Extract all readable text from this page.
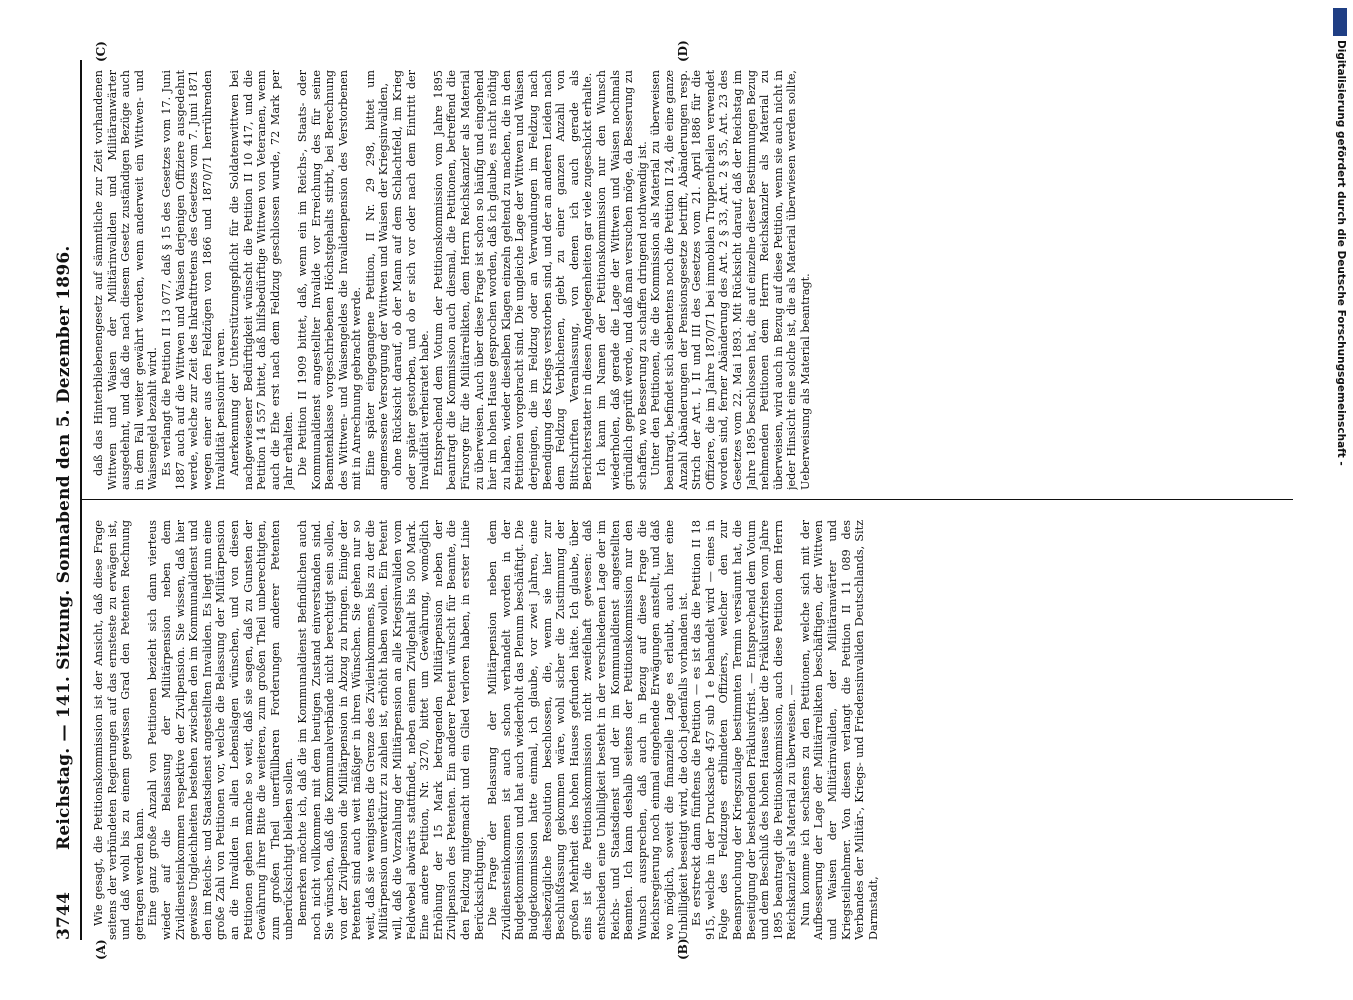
3744
Reichstag. — 141. Sitzung. Sonnabend den 5. Dezember 1896.
(A)	(B)
(C)	(D)

Wie gesagt, die Petitionskommission ist der Ansicht, daß diese Frage seitens der verbündeten Regierungen auf das ernsteste zu erwägen ist, und daß wohl bis zu einem gewissen Grad den Petenten Rechnung getragen werden kann. Eine ganz große Anzahl von Petitionen bezieht sich dann vierteus wieder auf die Belassung der Militärpension neben dem Zivildiensteinkommen respektive der Zivilpension. Sie wissen, daß hier gewisse Ungleichheiten bestehen zwischen den im Kommunaldienst und den im Reichs- und Staatsdienst angestellten Invaliden. Es liegt nun eine große Zahl von Petitionen vor, welche die Belassung der Militärpension an die Invaliden in allen Lebenslagen wünschen, und von diesen Petitionen gehen manche so weit, daß sie sagen, daß zu Gunsten der Gewährung ihrer Bitte die weiteren, zum großen Theil unberechtigten, zum großen Theil unerfüllbaren Forderungen anderer Petenten unberücksichtigt bleiben sollen. Bemerken möchte ich, daß die im Kommunaldienst Befindlichen auch noch nicht vollkommen mit dem heutigen Zustand einverstanden sind. Sie wünschen, daß die Kommunalverbände nicht berechtigt sein sollen, von der Zivilpension die Militärpension in Abzug zu bringen. Einige der Petenten sind auch weit mäßiger in ihren Wünschen. Sie gehen nur so weit, daß sie wenigstens die Grenze des Zivileinkommens, bis zu der die Militärpension unverkürzt zu zahlen ist, erhöht haben wollen. Ein Petent will, daß die Vorzahlung der Militärpension an alle Kriegsinvaliden vom Feldwebel abwärts stattfindet, neben einem Zivilgehalt bis 500 Mark. Eine andere Petition, Nr. 3270, bittet um Gewährung, womöglich Erhöhung der 15 Mark betragenden Militärpension neben der Zivilpension des Petenten. Ein anderer Petent wünscht für Beamte, die den Feldzug mitgemacht und ein Glied verloren haben, in erster Linie Berücksichtigung. Die Frage der Belassung der Militärpension neben dem Zivildiensteinkommen ist auch schon verhandelt worden in der Budgetkommission und hat auch wiederholt das Plenum beschäftigt. Die Budgetkommission hatte einmal, ich glaube, vor zwei Jahren, eine diesbezügliche Resolution beschlossen, die, wenn sie hier zur Beschlußfassung gekommen wäre, wohl sicher die Zustimmung der großen Mehrheit des hohen Hauses gefunden hätte. Ich glaube, über eins ist die Petitionskommission nicht zweifelhaft gewesen: daß entschieden eine Unbilligkeit besteht in der verschiedenen Lage der im Reichs- und Staatsdienst und der im Kommunaldienst angestellten Beamten. Ich kann deshalb seitens der Petitionskommission nur den Wunsch aussprechen, daß auch in Bezug auf diese Frage die Reichsregierung noch einmal eingehende Erwägungen anstellt, und daß wo möglich, soweit die finanzielle Lage es erlaubt, auch hier eine Unbilligkeit beseitigt wird, die doch jedenfalls vorhanden ist. Es erstreckt dann fünftens die Petition — es ist das die Petition II 18 915, welche in der Drucksache 457 sub 1 e behandelt wird — eines in Folge des Feldzuges erblindeten Offiziers, welcher den zur Beanspruchung der Kriegszulage bestimmten Termin versäumt hat, die Beseitigung der bestehenden Präklusivfrist. — Entsprechend dem Votum und dem Beschluß des hohen Hauses über die Präklusivfristen vom Jahre 1895 beantragt die Petitionskommission, auch diese Petition dem Herrn Reichskanzler als Material zu überweisen. — Nun komme ich sechstens zu den Petitionen, welche sich mit der Aufbesserung der Lage der Militärrelikten beschäftigen, der Wittwen und Waisen der Militärinvaliden, der Militäranwärter und Kriegsteilnehmer. Von diesen verlangt die Petition II 11 089 des Verbandes der Militär-, Kriegs- und Friedensinvaliden Deutschlands, Sitz Darmstadt,

daß das Hinterbliebenengesetz auf sämmtliche zur Zeit vorhandenen Wittwen und Waisen der Militärinvaliden und Militäranwärter ausgedehnt, und daß die nach diesem Gesetz zuständigen Bezüge auch in dem Fall weiter gewährt werden, wenn anderweit ein Wittwen- und Waisengeld bezahlt wird. Es verlangt die Petition II 13 077, daß § 15 des Gesetzes vom 17. Juni 1887 auch auf die Wittwen und Waisen derjenigen Offiziere ausgedehnt werde, welche zur Zeit des Inkrafttretens des Gesetzes vom 7. Juni 1871 wegen einer aus den Feldzügen von 1866 und 1870/71 herrührenden Invalidität pensionirt waren. Anerkennung der Unterstützungspflicht für die Soldatenwittwen bei nachgewiesener Bedürftigkeit wünscht die Petition II 10 417, und die Petition 14 557 bittet, daß hilfsbedürftige Wittwen von Veteranen, wenn auch die Ehe erst nach dem Feldzug geschlossen wurde, 72 Mark per Jahr erhalten. Die Petition II 1909 bittet, daß, wenn ein im Reichs-, Staats- oder Kommunaldienst angestellter Invalide vor Erreichung des für seine Beamtenklasse vorgeschriebenen Höchstgehalts stirbt, bei Berechnung des Wittwen- und Waisengeldes die Invalidenpension des Verstorbenen mit in Anrechnung gebracht werde. Eine später eingegangene Petition, II Nr. 29 298, bittet um angemessene Versorgung der Wittwen und Waisen der Kriegsinvaliden, ohne Rücksicht darauf, ob der Mann auf dem Schlachtfeld, im Krieg oder später gestorben, und ob er sich vor oder nach dem Eintritt der Invalidität verheiratet habe. Entsprechend dem Votum der Petitionskommission vom Jahre 1895 beantragt die Kommission auch diesmal, die Petitionen, betreffend die Fürsorge für die Militärrelikten, dem Herrn Reichskanzler als Material zu überweisen. Auch über diese Frage ist schon so häufig und eingehend hier im hohen Hause gesprochen worden, daß ich glaube, es nicht nöthig zu haben, wieder dieselben Klagen einzeln geltend zu machen, die in den Petitionen vorgebracht sind. Die ungleiche Lage der Wittwen und Waisen derjenigen, die im Feldzug oder an Verwundungen im Feldzug nach Beendigung des Kriegs verstorben sind, und der an anderen Leiden nach dem Feldzug Verblichenen, giebt zu einer ganzen Anzahl von Bittschriften Veranlassung, von denen ich auch gerade als Berichterstatter in diesen Angelegenheiten gar viele zugeschickt erhalte. Ich kann im Namen der Petitionskommission nur den Wunsch wiederholen, daß gerade die Lage der Wittwen und Waisen nochmals gründlich geprüft werde, und daß man versuchen möge, da Besserung zu schaffen, wo Besserung zu schaffen dringend nothwendig ist. Unter den Petitionen, die die Kommission als Material zu überweisen beantragt, befindet sich siebentens noch die Petition II 24, die eine ganze Anzahl Abänderungen der Pensionsgesetze betrifft, Abänderungen resp. Strich der Art. I, II und III des Gesetzes vom 21. April 1886 für die Offiziere, die im Jahre 1870/71 bei immobilen Truppentheilen verwendet worden sind, ferner Abänderung des Art. 2 § 33, Art. 2 § 35, Art. 23 des Gesetzes vom 22. Mai 1893. Mit Rücksicht darauf, daß der Reichstag im Jahre 1895 beschlossen hat, die auf einzelne dieser Bestimmungen Bezug nehmenden Petitionen dem Herrn Reichskanzler als Material zu überweisen, wird auch in Bezug auf diese Petition, wenn sie auch nicht in jeder Hinsicht eine solche ist, die als Material überwiesen werden sollte, Ueberweisung als Material beantragt.	Digitalisierung gefördert durch die Deutsche Forschungsgemeinschaft -
